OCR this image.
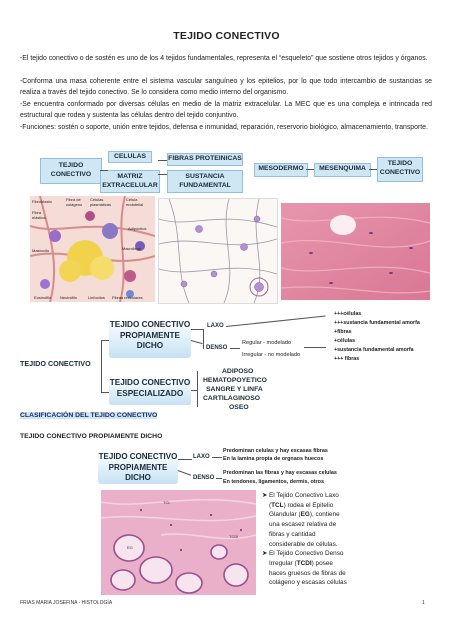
TEJIDO CONECTIVO
-El tejido conectivo o de sostén es uno de los 4 tejidos fundamentales, representa el “esqueleto” que sostiene otros tejidos y órganos.
-Conforma una masa coherente entre el sistema vascular sanguíneo y los epitelios, por lo que todo intercambio de sustancias se realiza a través del tejido conectivo. Se lo considera como medio interno del organismo.
-Se encuentra conformado por diversas células en medio de la matriz extracelular. La MEC que es una compleja e intrincada red estructural que rodea y sustenta las células dentro del tejido conjuntivo.
-Funciones: sostén o soporte, unión entre tejidos, defensa e inmunidad, reparación, reservorio biológico, almacenamiento, transporte.
TEJIDO CONECTIVO
CELULAS
MATRIZ EXTRACELULAR
FIBRAS PROTEINICAS
SUSTANCIA FUNDAMENTAL
MESODERMO	MESENQUIMA
TEJIDO CONECTIVO
Fibroblasto	Fibra de colágeno
Células plasmáticas
Célula endotelial
Fibra elástica
Adipocitos
Macrófago
Mastocito
Eosinófilo Neutrófilo	Linfocitos Fibras reticulares
TEJIDO CONECTIVO
TEJIDO CONECTIVO PROPIAMENTE DICHO
LAXO
DENSO
Regular - modelado
Irregular - no modelado
+++células
+++sustancia fundamental amorfa
+fibras
+células
+sustancia fundamental amorfa
+++ fibras
TEJIDO CONECTIVO ESPECIALIZADO
ADIPOSO
HEMATOPOYETICO
SANGRE Y LINFA
CARTILAGINOSO
OSEO
CLASIFICACIÓN DEL TEJIDO CONECTIVO
TEJIDO CONECTIVO PROPIAMENTE DICHO
TEJIDO CONECTIVO PROPIAMENTE DICHO
LAXO
DENSO
Predominan celulas y hay escasas fibras
En la lamina propia de orgnaos huecos
Predominan las fibras y hay escasas celulas
En tendones, ligamentos, dermis, otros
TCL
EG
TCDI
➤ El Tejido Conectivo Laxo (TCL) rodea el Epitelio Glandular (EG), contiene una escasez relativa de fibras y cantidad considerable de células.
➤ El Tejido Conectivo Denso Irregular (TCDI) posee haces gruesos de fibras de colágeno y escasas células
FRIAS MARIA JOSEFINA - HISTOLOGÍA	1
